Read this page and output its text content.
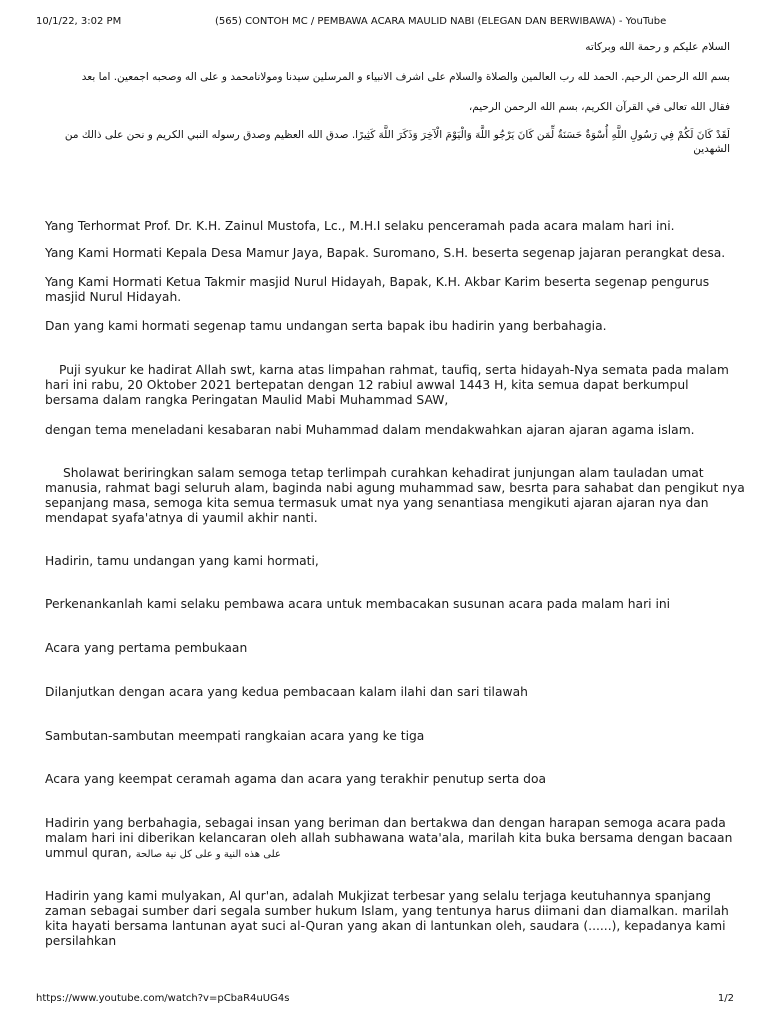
10/1/22, 3:02 PM	(565) CONTOH MC / PEMBAWA ACARA MAULID NABI (ELEGAN DAN BERWIBAWA) - YouTube
السلام عليكم و رحمة الله وبركاته
بسم الله الرحمن الرحيم. الحمد لله رب العالمين والصلاة والسلام على اشرف الانبياء و المرسلين سيدنا ومولانامحمد و على اله وصحبه اجمعين. اما بعد
فقال الله تعالى في القرآن الكريم، بسم الله الرحمن الرحيم،
لَقَدْ كَانَ لَكُمْ فِي رَسُولِ اللَّهِ أُسْوَةٌ حَسَنَةٌ لِّمَن كَانَ يَرْجُو اللَّهَ وَالْيَوْمَ الْآخِرَ وَذَكَرَ اللَّهَ كَثِيرًا. صدق الله العظيم وصدق رسوله النبي الكريم و نحن على ذالك من الشهدين
Yang Terhormat Prof. Dr. K.H. Zainul Mustofa, Lc., M.H.I selaku penceramah pada acara malam hari ini.
Yang Kami Hormati Kepala Desa Mamur Jaya, Bapak. Suromano, S.H. beserta segenap jajaran perangkat desa.
Yang Kami Hormati Ketua Takmir masjid Nurul Hidayah, Bapak, K.H. Akbar Karim beserta segenap pengurus masjid Nurul Hidayah.
Dan yang kami hormati segenap tamu undangan serta bapak ibu hadirin yang berbahagia.
Puji syukur ke hadirat Allah swt, karna atas limpahan rahmat, taufiq, serta hidayah-Nya semata pada malam hari ini rabu, 20 Oktober 2021 bertepatan dengan 12 rabiul awwal 1443 H, kita semua dapat berkumpul bersama dalam rangka Peringatan Maulid Mabi Muhammad SAW,
dengan tema meneladani kesabaran nabi Muhammad dalam mendakwahkan ajaran ajaran agama islam.
Sholawat beriringkan salam semoga tetap terlimpah curahkan kehadirat junjungan alam tauladan umat manusia, rahmat bagi seluruh alam, baginda nabi agung muhammad saw, besrta para sahabat dan pengikut nya sepanjang masa, semoga kita semua termasuk umat nya yang senantiasa mengikuti ajaran ajaran nya dan mendapat syafa'atnya di yaumil akhir nanti.
Hadirin, tamu undangan yang kami hormati,
Perkenankanlah kami selaku pembawa acara untuk membacakan susunan acara pada malam hari ini
Acara yang pertama pembukaan
Dilanjutkan dengan acara yang kedua pembacaan kalam ilahi dan sari tilawah
Sambutan-sambutan meempati rangkaian acara yang ke tiga
Acara yang keempat ceramah agama dan acara yang terakhir penutup serta doa
Hadirin yang berbahagia, sebagai insan yang beriman dan bertakwa dan dengan harapan semoga acara pada malam hari ini diberikan kelancaran oleh allah subhawana wata'ala, marilah kita buka bersama dengan bacaan ummul quran, على هذه النية و على كل نية صالحة
Hadirin yang kami mulyakan, Al qur'an, adalah Mukjizat terbesar yang selalu terjaga keutuhannya spanjang zaman sebagai sumber dari segala sumber hukum Islam, yang tentunya harus diimani dan diamalkan. marilah kita hayati bersama lantunan ayat suci al-Quran yang akan di lantunkan oleh, saudara (......), kepadanya kami persilahkan
https://www.youtube.com/watch?v=pCbaR4uUG4s	1/2
